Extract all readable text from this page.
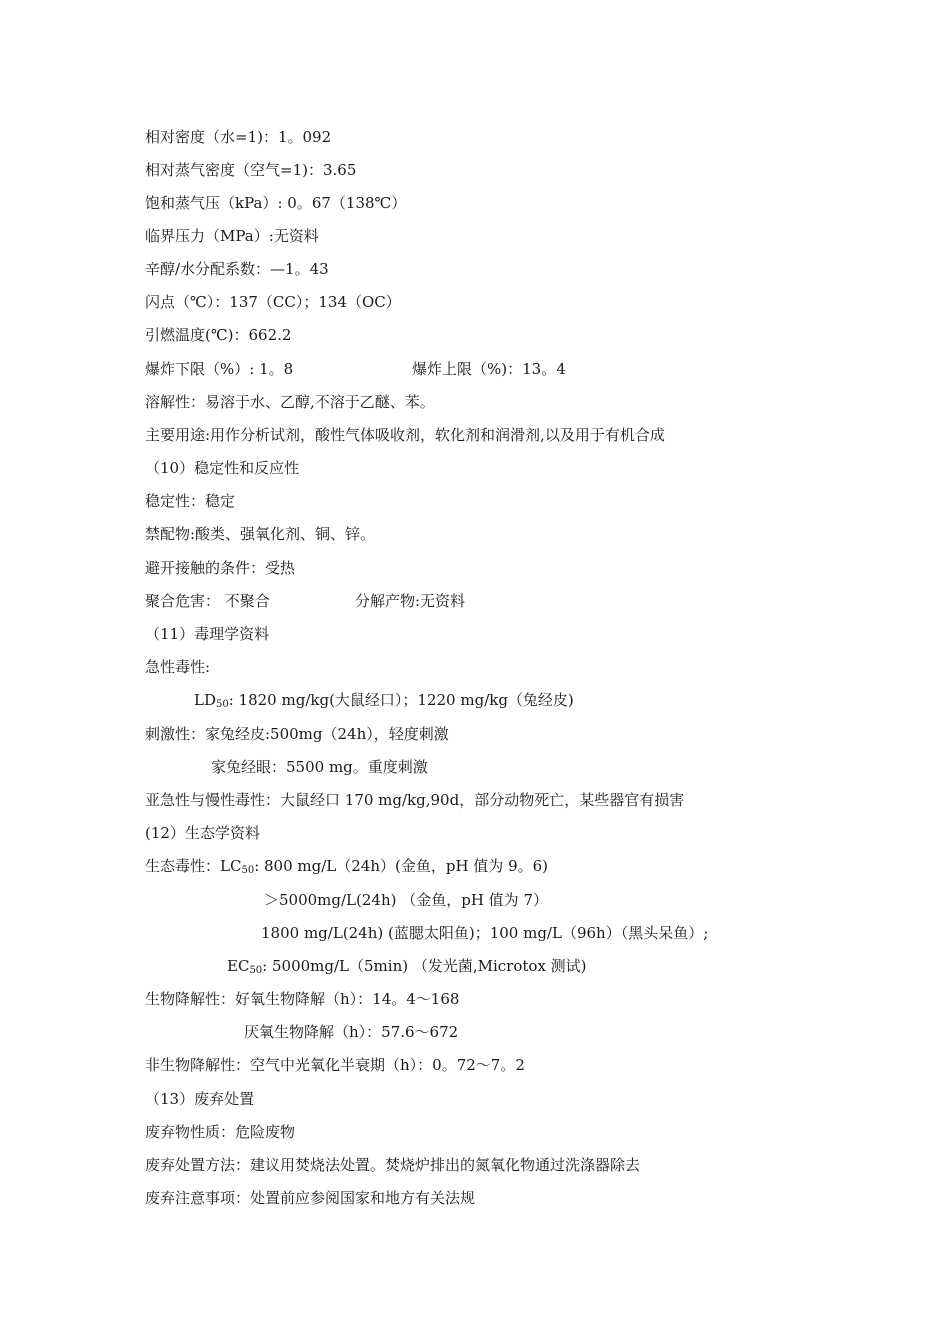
相对密度（水=1)：1。092
相对蒸气密度（空气=1)：3.65
饱和蒸气压（kPa）: 0。67（138℃）
临界压力（MPa）:无资料
辛醇/水分配系数：—1。43
闪点（℃）：137（CC）；134（OC）
引燃温度(℃)：662.2
爆炸下限（%）: 1。8	爆炸上限（%)：13。4
溶解性：易溶于水、乙醇,不溶于乙醚、苯。
主要用途:用作分析试剂，酸性气体吸收剂，软化剂和润滑剂,以及用于有机合成
（10）稳定性和反应性
稳定性：稳定
禁配物:酸类、强氧化剂、铜、锌。
避开接触的条件：受热
聚合危害： 不聚合	分解产物:无资料
（11）毒理学资料
急性毒性:
$LD_{50}$: 1820 mg/kg(大鼠经口）；1220 mg/kg（兔经皮)
刺激性：家兔经皮:500mg（24h），轻度刺激
家兔经眼：5500 mg。重度刺激
亚急性与慢性毒性：大鼠经口 170 mg/kg,90d，部分动物死亡，某些器官有损害
(12）生态学资料
生态毒性：$LC_{50}$: 800 mg/L（24h）(金鱼，pH 值为 9。6)
＞5000mg/L(24h) （金鱼，pH 值为 7）
1800 mg/L(24h) (蓝腮太阳鱼)；100 mg/L（96h）（黑头呆鱼）;
$EC_{50}$: 5000mg/L（5min) （发光菌,Microtox 测试)
生物降解性：好氧生物降解（h）：14。4～168
厌氧生物降解（h）：57.6～672
非生物降解性：空气中光氧化半衰期（h）：0。72～7。2
（13）废弃处置
废弃物性质：危险废物
废弃处置方法：建议用焚烧法处置。焚烧炉排出的氮氧化物通过洗涤器除去
废弃注意事项：处置前应参阅国家和地方有关法规
